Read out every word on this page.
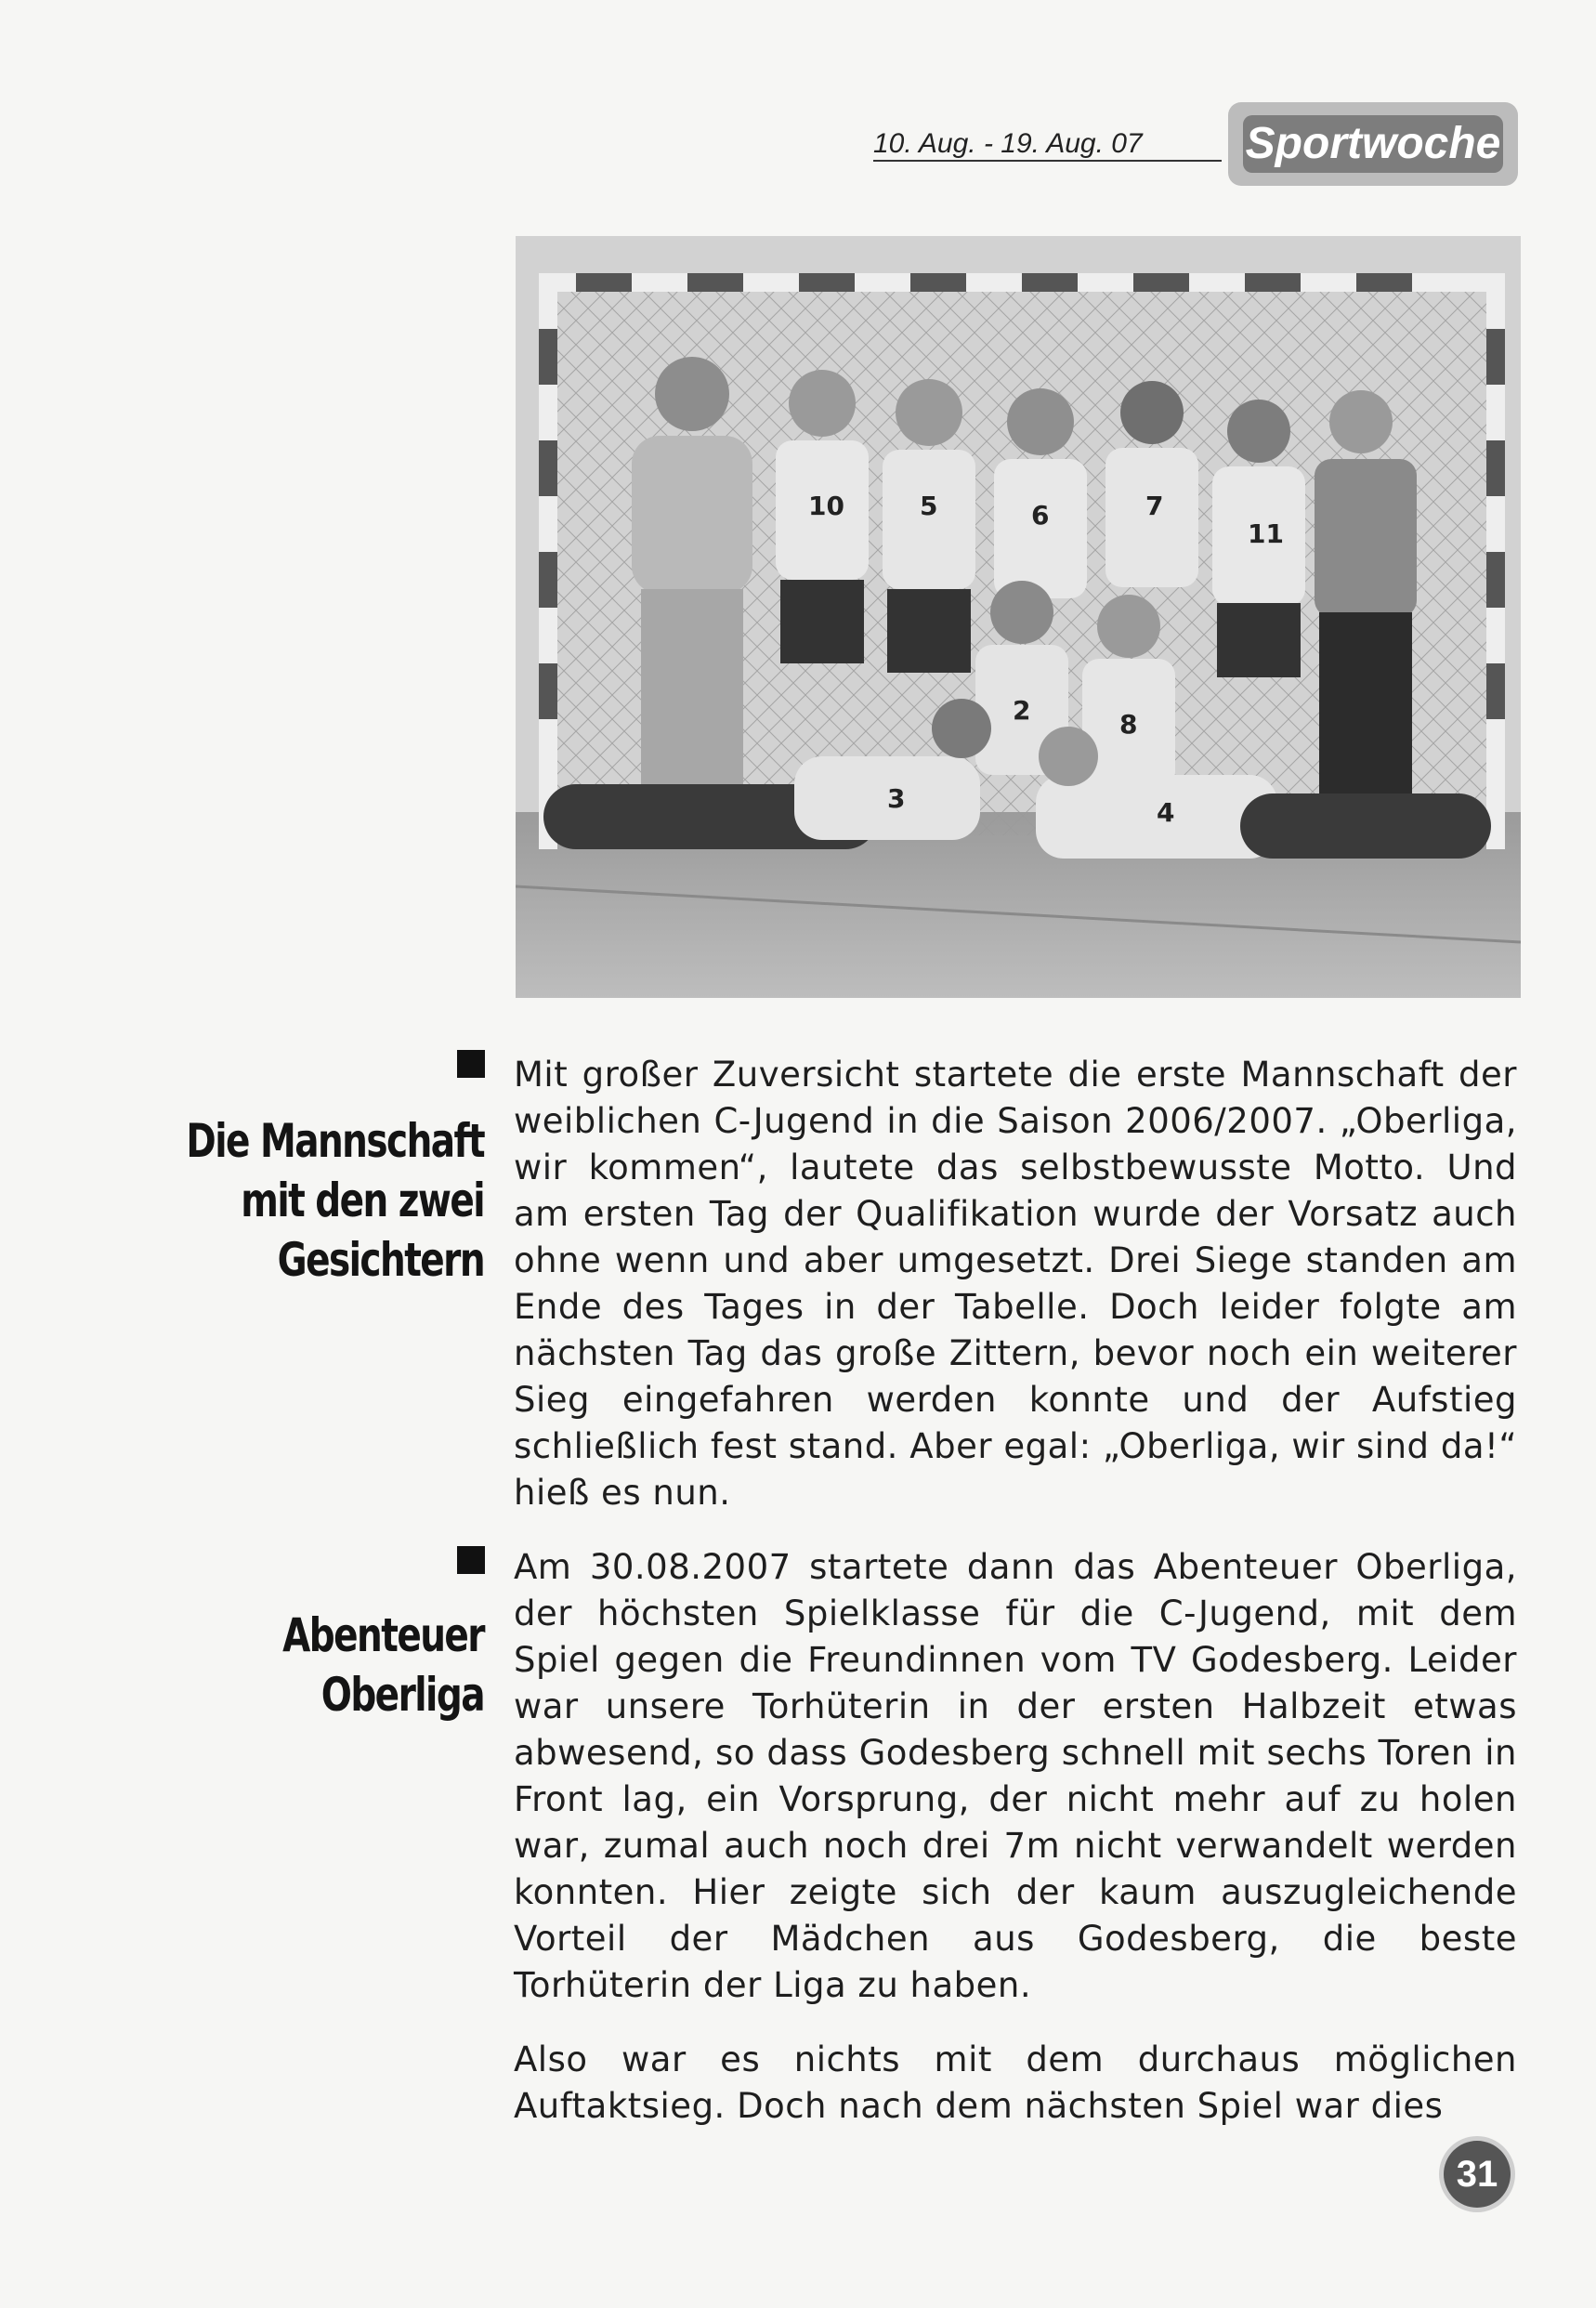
10. Aug. - 19. Aug. 07	Sportwoche
10	5	6	7
11
2	8
3	4
Die Mannschaft
mit den zwei
Gesichtern

Mit großer Zuversicht startete die erste Mannschaft der weiblichen C-Jugend in die Saison 2006/2007. „Oberliga, wir kommen“, lautete das selbstbewusste Motto. Und am ersten Tag der Qualifikation wurde der Vorsatz auch ohne wenn und aber umgesetzt. Drei Siege standen am Ende des Tages in der Tabelle. Doch leider folgte am nächsten Tag das große Zittern, bevor noch ein weiterer Sieg eingefahren werden konnte und der Aufstieg schließlich fest stand. Aber egal: „Oberliga, wir sind da!“ hieß es nun.

Abenteuer
Oberliga

Am 30.08.2007 startete dann das Abenteuer Oberliga, der höchsten Spielklasse für die C-Jugend, mit dem Spiel gegen die Freundinnen vom TV Godesberg. Leider war unsere Torhüterin in der ersten Halbzeit etwas abwesend, so dass Godesberg schnell mit sechs Toren in Front lag, ein Vorsprung, der nicht mehr auf zu holen war, zumal auch noch drei 7m nicht verwandelt werden konnten. Hier zeigte sich der kaum auszugleichende Vorteil der Mädchen aus Godesberg, die beste Torhüterin der Liga zu haben.

Also war es nichts mit dem durchaus möglichen Auftaktsieg. Doch nach dem nächsten Spiel war dies

31
